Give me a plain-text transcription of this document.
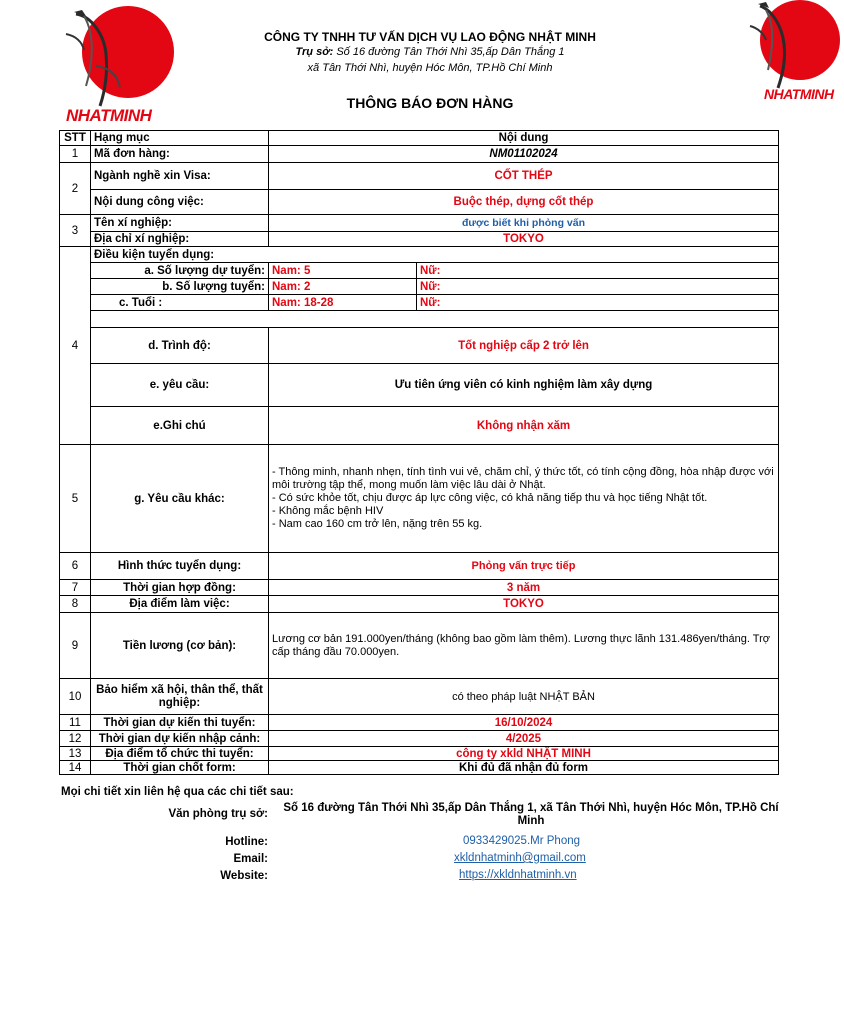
NHATMINH
NHATMINH
CÔNG TY TNHH TƯ VẤN DỊCH VỤ LAO ĐỘNG NHẬT MINH
Trụ sở: Số 16 đường Tân Thới Nhì 35,ấp Dân Thắng 1
xã Tân Thới Nhì, huyện Hóc Môn, TP.Hồ Chí Minh
THÔNG BÁO ĐƠN HÀNG
STT	Hạng mục	Nội dung	
1	Mã đơn hàng:	NM01102024	
2	Ngành nghề xin Visa:	CỐT THÉP	
	Nội dung công việc:	Buộc thép, dựng cốt thép	
3	Tên xí nghiệp:	được biết khi phỏng vấn	
	Địa chỉ xí nghiệp:	TOKYO	
4	Điều kiện tuyển dụng:		
	a. Số lượng dự tuyển:	Nam: 5	Nữ:
	b. Số lượng tuyển:	Nam: 2	Nữ:
	c. Tuổi :	Nam: 18-28	Nữ:

	d. Trình độ:	Tốt nghiệp cấp 2 trở lên	
	e. yêu cầu:	Ưu tiên ứng viên có kinh nghiệm làm xây dựng	
	e.Ghi chú	Không nhận xăm	

5	g. Yêu cầu khác:	- Thông minh, nhanh nhẹn, tính tình vui vẻ, chăm chỉ, ý thức tốt, có tính cộng đồng, hòa nhập được với môi trường tập thể, mong muốn làm việc lâu dài ở Nhật.
- Có sức khỏe tốt, chịu được áp lực công việc, có khả năng tiếp thu và học tiếng Nhật tốt.
- Không mắc bệnh HIV
- Nam cao 160 cm trở lên, nặng trên 55 kg.	

6	Hình thức tuyển dụng:	Phỏng vấn trực tiếp	
7	Thời gian hợp đồng:	3 năm	
8	Địa điểm làm việc:	TOKYO	
9	Tiền lương (cơ bản):	Lương cơ bản 191.000yen/tháng (không bao gồm làm thêm). Lương thực lãnh 131.486yen/tháng. Trợ cấp tháng đầu 70.000yen.	
10	Bảo hiểm xã hội, thân thể, thất nghiệp:	có theo pháp luật NHẬT BẢN	
11	Thời gian dự kiến thi tuyển:	16/10/2024	
12	Thời gian dự kiến nhập cảnh:	4/2025	
13	Địa điểm tổ chức thi tuyển:	công ty xkld NHẬT MINH	
14	Thời gian chốt form:	Khi đủ đã nhận đủ form	
Mọi chi tiết xin liên hệ qua các chi tiết sau:
Văn phòng trụ sở: Số 16 đường Tân Thới Nhì 35,ấp Dân Thắng 1, xã Tân Thới Nhì, huyện Hóc Môn, TP.Hồ Chí Minh
Hotline:	0933429025.Mr Phong
Email:	xkldnhatminh@gmail.com
Website:	https://xkldnhatminh.vn
